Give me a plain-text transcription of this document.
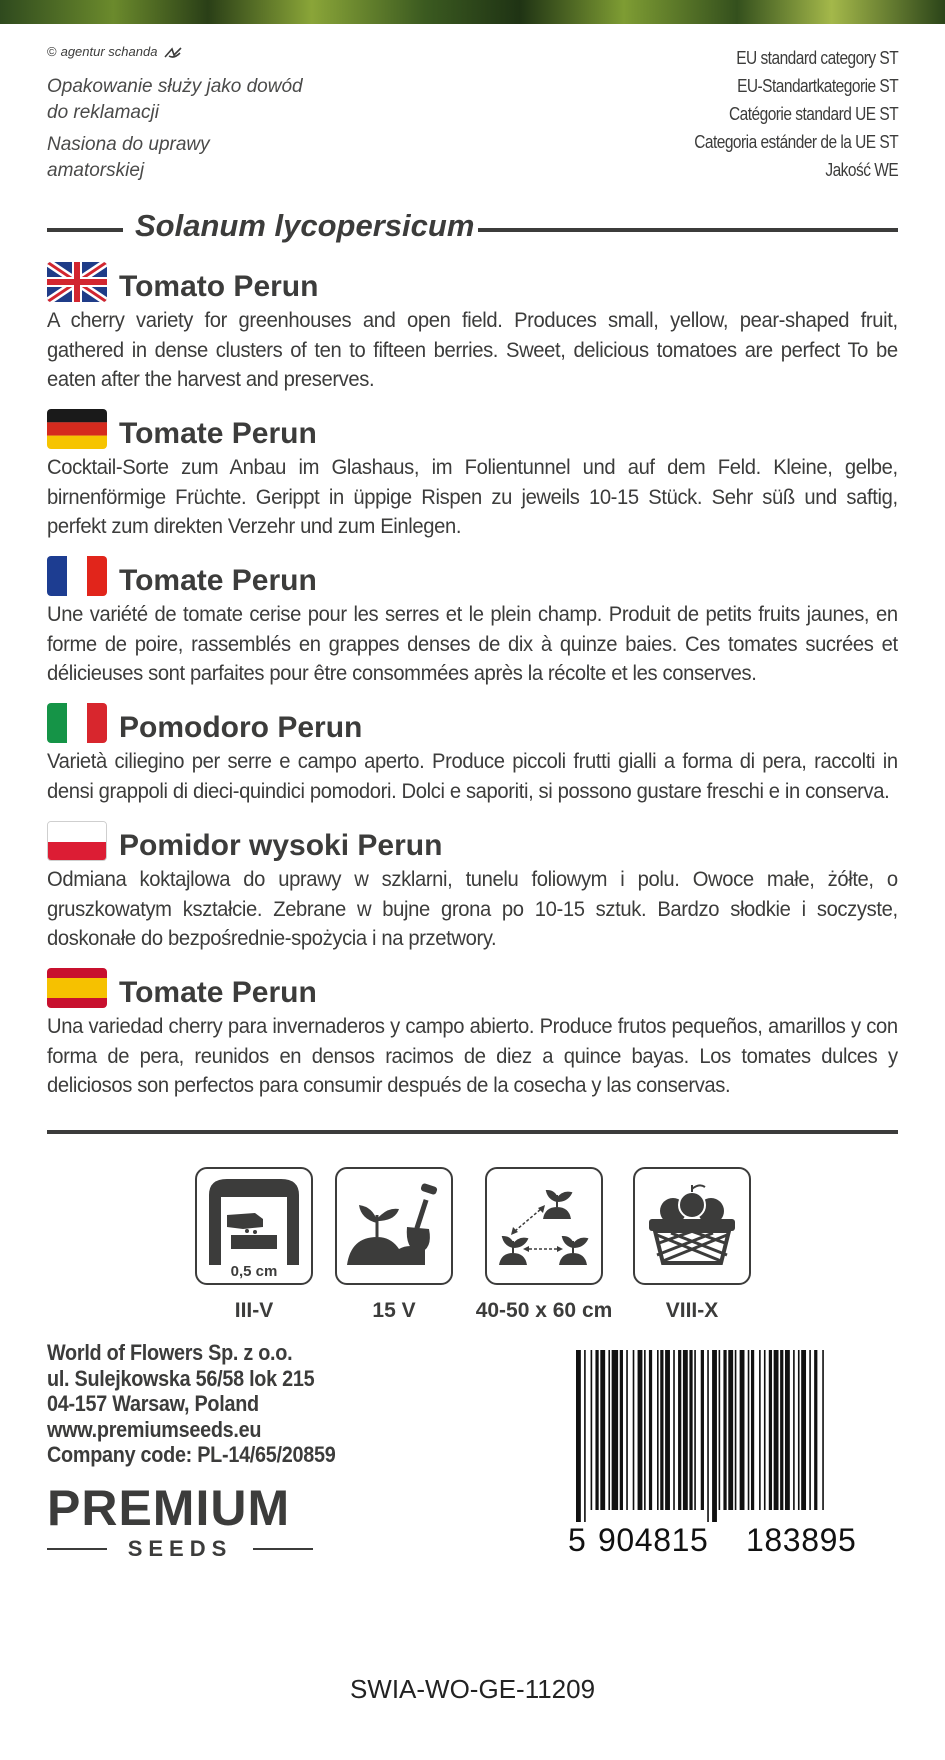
© agentur schanda

Opakowanie służy jako dowód do reklamacji

Nasiona do uprawy amatorskiej

EU standard category ST
EU-Standartkategorie ST
Catégorie standard UE ST
Categoria estánder de la UE ST
Jakość WE
Solanum lycopersicum
Tomato Perun
A cherry variety for greenhouses and open field. Produces small, yellow, pear-shaped fruit, gathered in dense clusters of ten to fifteen berries. Sweet, delicious tomatoes are perfect To be eaten after the harvest and preserves.
Tomate Perun
Cocktail-Sorte zum Anbau im Glashaus, im Folientunnel und auf dem Feld. Kleine, gelbe, birnenförmige Früchte. Gerippt in üppige Rispen zu jeweils 10-15 Stück. Sehr süß und saftig, perfekt zum direkten Verzehr und zum Einlegen.
Tomate Perun
Une variété de tomate cerise pour les serres et le plein champ. Produit de petits fruits jaunes, en forme de poire, rassemblés en grappes denses de dix à quinze baies. Ces tomates sucrées et délicieuses sont parfaites pour être consommées après la récolte et les conserves.
Pomodoro Perun
Varietà ciliegino per serre e campo aperto. Produce piccoli frutti gialli a forma di pera, raccolti in densi grappoli di dieci-quindici pomodori. Dolci e saporiti, si possono gustare freschi e in conserva.
Pomidor wysoki Perun
Odmiana koktajlowa do uprawy w szklarni, tunelu foliowym i polu. Owoce małe, żółte, o gruszkowatym kształcie. Zebrane w bujne grona po 10-15 sztuk. Bardzo słodkie i soczyste, doskonałe do bezpośrednie-spożycia i na przetwory.
Tomate Perun
Una variedad cherry para invernaderos y campo abierto. Produce frutos pequeños, amarillos y con forma de pera, reunidos en densos racimos de diez a quince bayas. Los tomates dulces y deliciosos son perfectos para consumir después de la cosecha y las conservas.
0,5 cm
III-V	15 V	40-50 x 60 cm	VIII-X
World of Flowers Sp. z o.o.
ul. Sulejkowska 56/58 lok 215
04-157 Warsaw, Poland
www.premiumseeds.eu
Company code: PL-14/65/20859
PREMIUM
SEEDS	5 904815 183895
SWIA-WO-GE-11209
